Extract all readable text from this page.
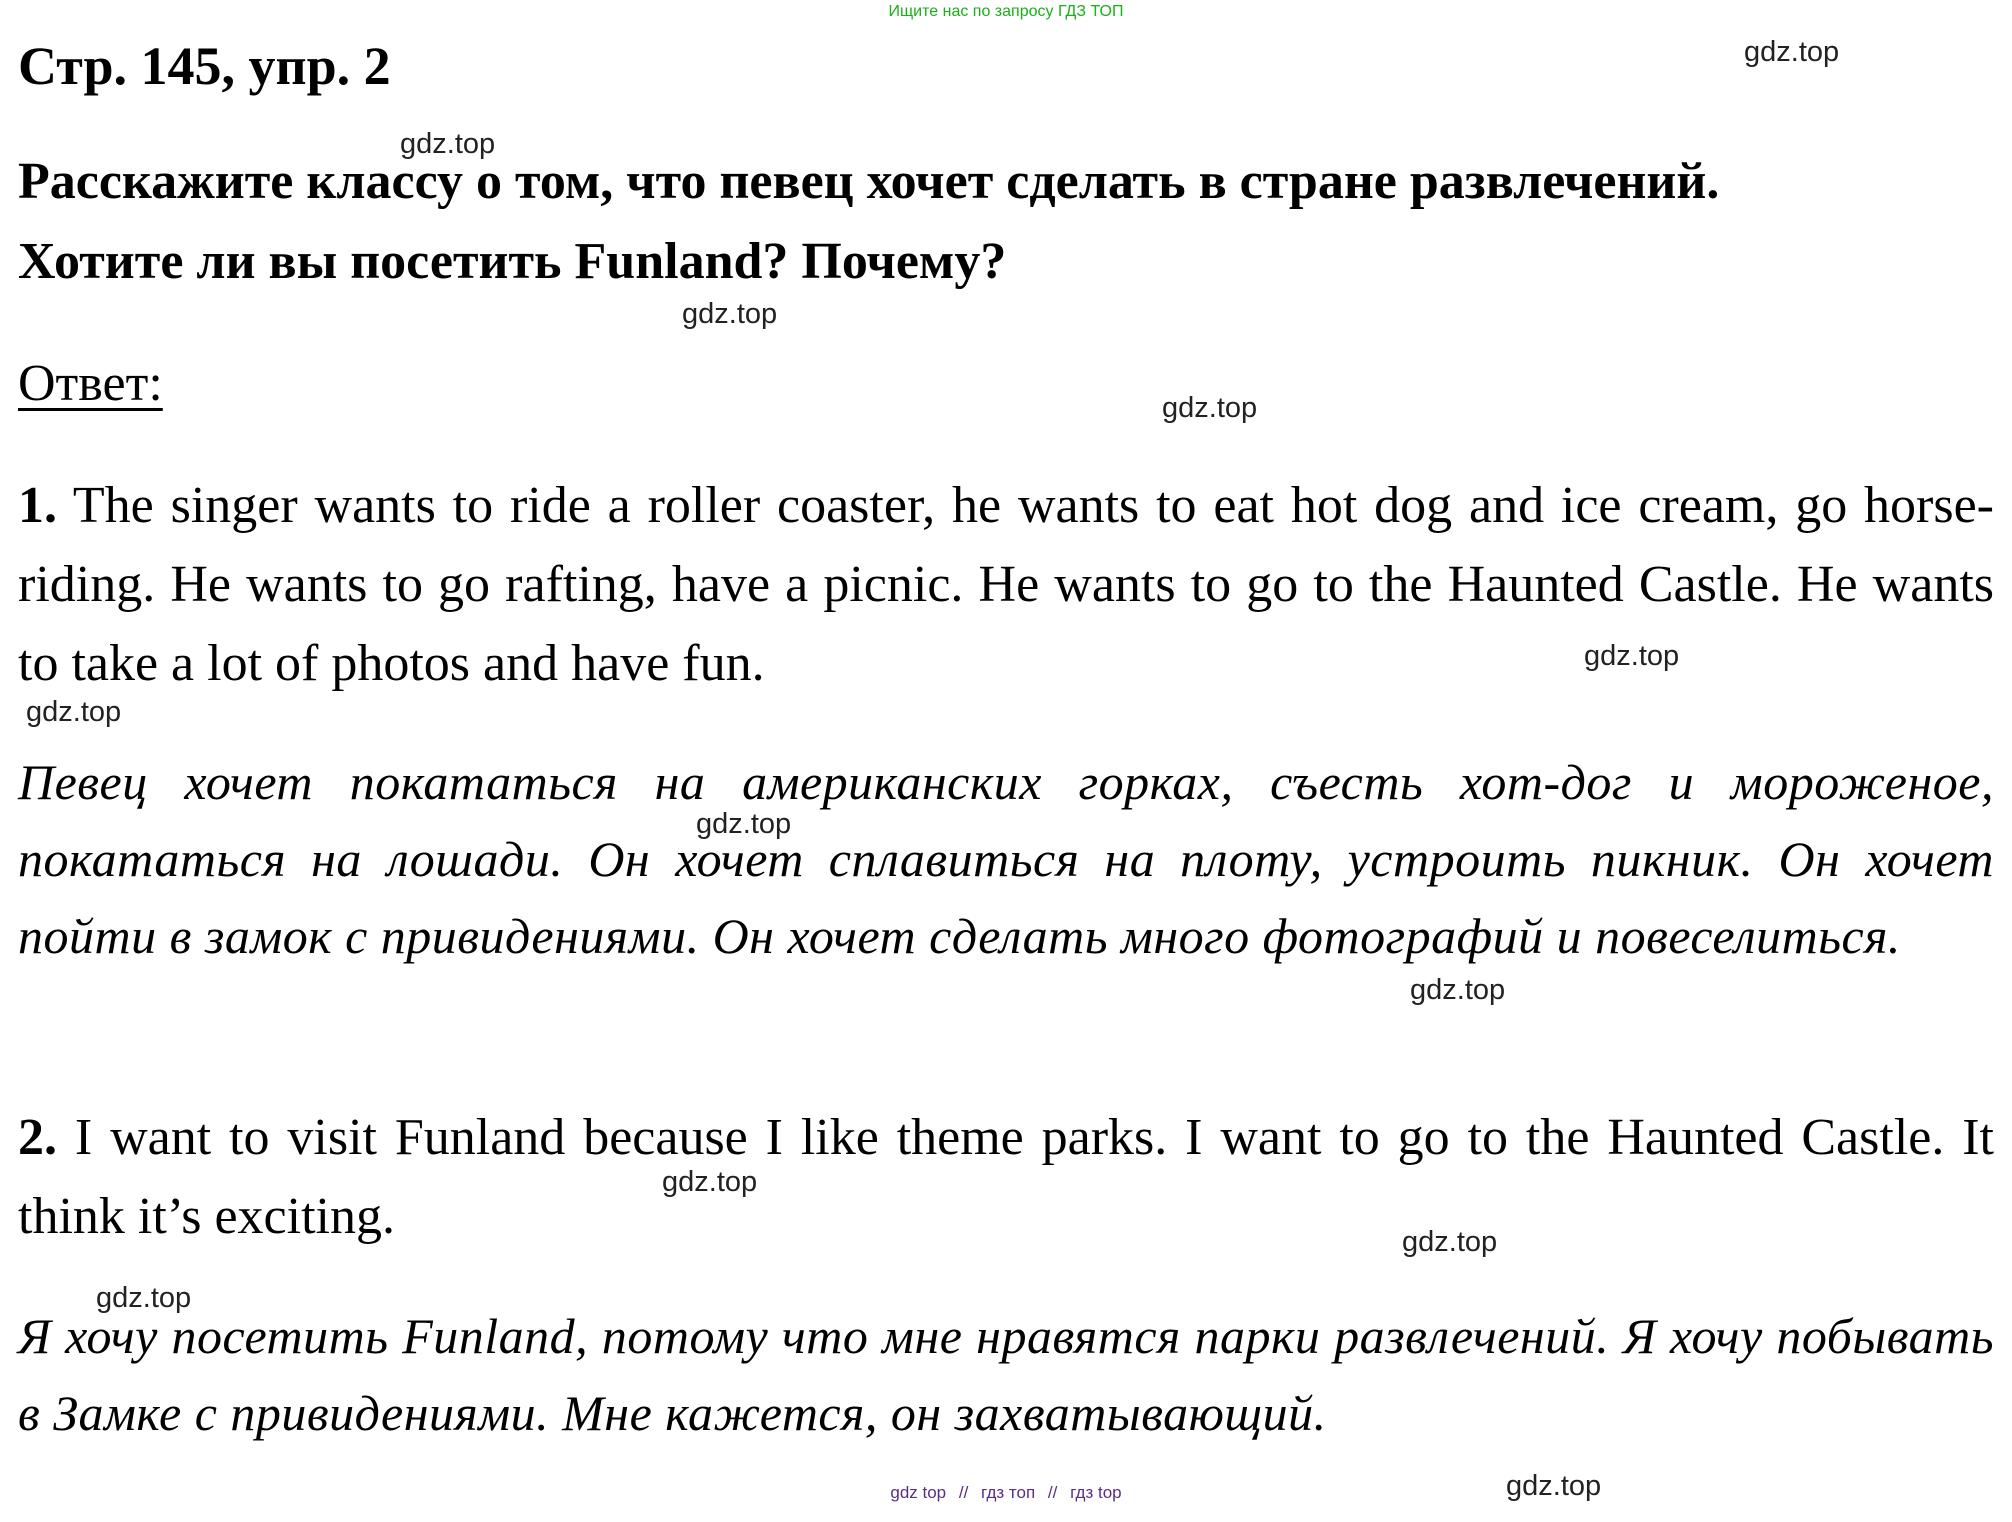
Ищите нас по запросу ГДЗ ТОП
Стр. 145, упр. 2
Расскажите классу о том, что певец хочет сделать в стране развлечений.
Хотите ли вы посетить Funland? Почему?
Ответ:

1. The singer wants to ride a roller coaster, he wants to eat hot dog and ice cream, go horse-riding. He wants to go rafting, have a picnic. He wants to go to the Haunted Castle. He wants to take a lot of photos and have fun.

Певец хочет покататься на американских горках, съесть хот-дог и мороженое, покататься на лошади. Он хочет сплавиться на плоту, устроить пикник. Он хочет пойти в замок с привидениями. Он хочет сделать много фотографий и повеселиться.

2. I want to visit Funland because I like theme parks. I want to go to the Haunted Castle. It think it’s exciting.

Я хочу посетить Funland, потому что мне нравятся парки развлечений. Я хочу побывать в Замке с привидениями. Мне кажется, он захватывающий.

gdz.top
gdz.top
gdz.top
gdz.top
gdz.top
gdz.top
gdz.top
gdz.top
gdz.top
gdz.top
gdz.top
gdz.top
gdz top // гдз топ // гдз top
